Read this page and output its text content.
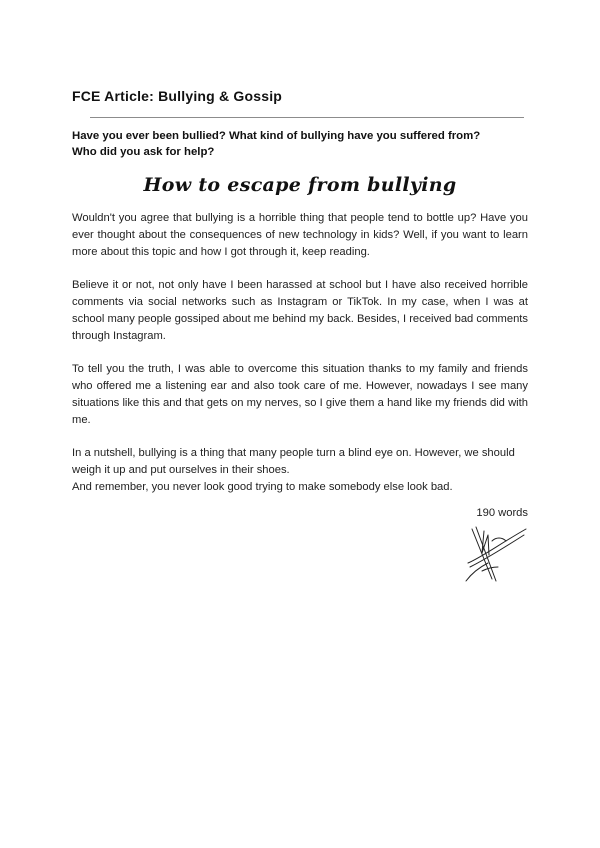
FCE Article: Bullying & Gossip
Have you ever been bullied? What kind of bullying have you suffered from?
Who did you ask for help?
How to escape from bullying

Wouldn't you agree that bullying is a horrible thing that people tend to bottle up? Have you ever thought about the consequences of new technology in kids? Well, if you want to learn more about this topic and how I got through it, keep reading.

Believe it or not, not only have I been harassed at school but I have also received horrible comments via social networks such as Instagram or TikTok. In my case, when I was at school many people gossiped about me behind my back. Besides, I received bad comments through Instagram.

To tell you the truth, I was able to overcome this situation thanks to my family and friends who offered me a listening ear and also took care of me. However, nowadays I see many situations like this and that gets on my nerves, so I give them a hand like my friends did with me.

In a nutshell, bullying is a thing that many people turn a blind eye on. However, we should weigh it up and put ourselves in their shoes.
And remember, you never look good trying to make somebody else look bad.

190 words
